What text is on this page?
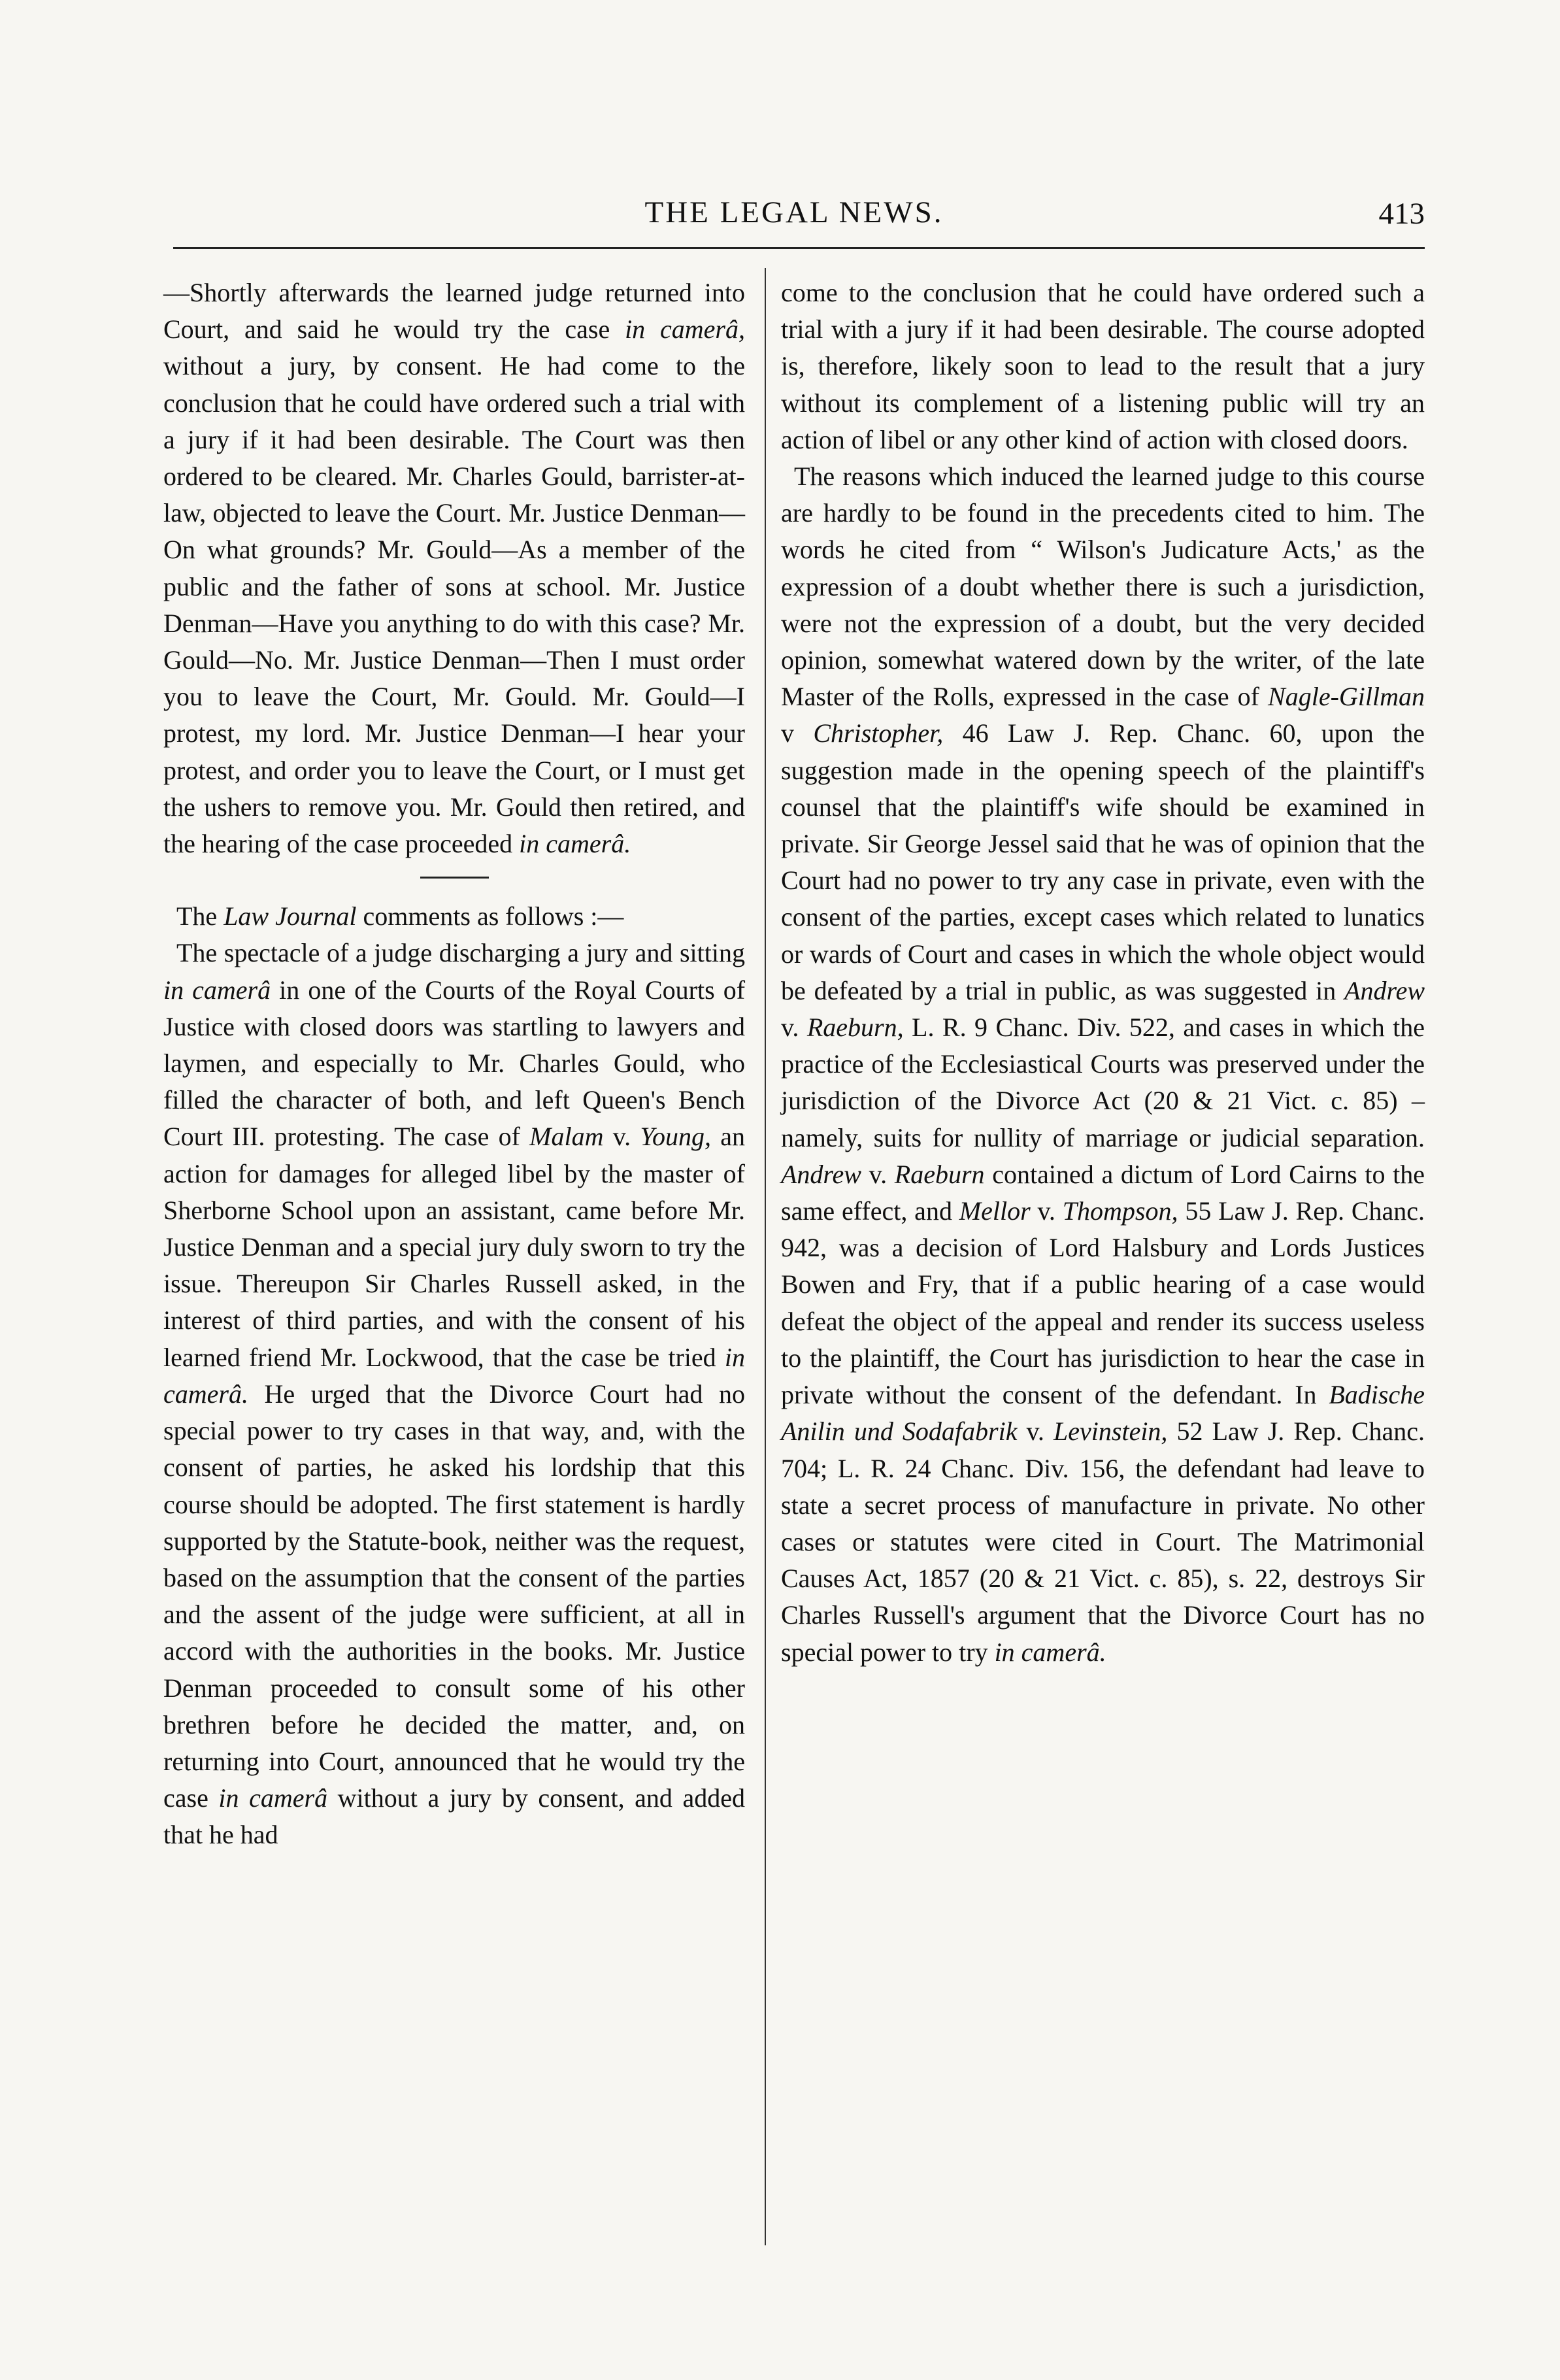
THE LEGAL NEWS.	413

—Shortly afterwards the learned judge returned into Court, and said he would try the case in camerâ, without a jury, by consent. He had come to the conclusion that he could have ordered such a trial with a jury if it had been desirable. The Court was then ordered to be cleared. Mr. Charles Gould, barrister-at-law, objected to leave the Court. Mr. Justice Denman—On what grounds? Mr. Gould—As a member of the public and the father of sons at school. Mr. Justice Denman—Have you anything to do with this case? Mr. Gould—No. Mr. Justice Denman—Then I must order you to leave the Court, Mr. Gould. Mr. Gould—I protest, my lord. Mr. Justice Denman—I hear your protest, and order you to leave the Court, or I must get the ushers to remove you. Mr. Gould then retired, and the hearing of the case proceeded in camerâ.

The Law Journal comments as follows :—

The spectacle of a judge discharging a jury and sitting in camerâ in one of the Courts of the Royal Courts of Justice with closed doors was startling to lawyers and laymen, and especially to Mr. Charles Gould, who filled the character of both, and left Queen's Bench Court III. protesting. The case of Malam v. Young, an action for damages for alleged libel by the master of Sherborne School upon an assistant, came before Mr. Justice Denman and a special jury duly sworn to try the issue. Thereupon Sir Charles Russell asked, in the interest of third parties, and with the consent of his learned friend Mr. Lockwood, that the case be tried in camerâ. He urged that the Divorce Court had no special power to try cases in that way, and, with the consent of parties, he asked his lordship that this course should be adopted. The first statement is hardly supported by the Statute-book, neither was the request, based on the assumption that the consent of the parties and the assent of the judge were sufficient, at all in accord with the authorities in the books. Mr. Justice Denman proceeded to consult some of his other brethren before he decided the matter, and, on returning into Court, announced that he would try the case in camerâ without a jury by consent, and added that he had

come to the conclusion that he could have ordered such a trial with a jury if it had been desirable. The course adopted is, therefore, likely soon to lead to the result that a jury without its complement of a listening public will try an action of libel or any other kind of action with closed doors.

The reasons which induced the learned judge to this course are hardly to be found in the precedents cited to him. The words he cited from “ Wilson's Judicature Acts,' as the expression of a doubt whether there is such a jurisdiction, were not the expression of a doubt, but the very decided opinion, somewhat watered down by the writer, of the late Master of the Rolls, expressed in the case of Nagle-Gillman v Christopher, 46 Law J. Rep. Chanc. 60, upon the suggestion made in the opening speech of the plaintiff's counsel that the plaintiff's wife should be examined in private. Sir George Jessel said that he was of opinion that the Court had no power to try any case in private, even with the consent of the parties, except cases which related to lunatics or wards of Court and cases in which the whole object would be defeated by a trial in public, as was suggested in Andrew v. Raeburn, L. R. 9 Chanc. Div. 522, and cases in which the practice of the Ecclesiastical Courts was preserved under the jurisdiction of the Divorce Act (20 & 21 Vict. c. 85) – namely, suits for nullity of marriage or judicial separation. Andrew v. Raeburn contained a dictum of Lord Cairns to the same effect, and Mellor v. Thompson, 55 Law J. Rep. Chanc. 942, was a decision of Lord Halsbury and Lords Justices Bowen and Fry, that if a public hearing of a case would defeat the object of the appeal and render its success useless to the plaintiff, the Court has jurisdiction to hear the case in private without the consent of the defendant. In Badische Anilin und Sodafabrik v. Levinstein, 52 Law J. Rep. Chanc. 704; L. R. 24 Chanc. Div. 156, the defendant had leave to state a secret process of manufacture in private. No other cases or statutes were cited in Court. The Matrimonial Causes Act, 1857 (20 & 21 Vict. c. 85), s. 22, destroys Sir Charles Russell's argument that the Divorce Court has no special power to try in camerâ.
